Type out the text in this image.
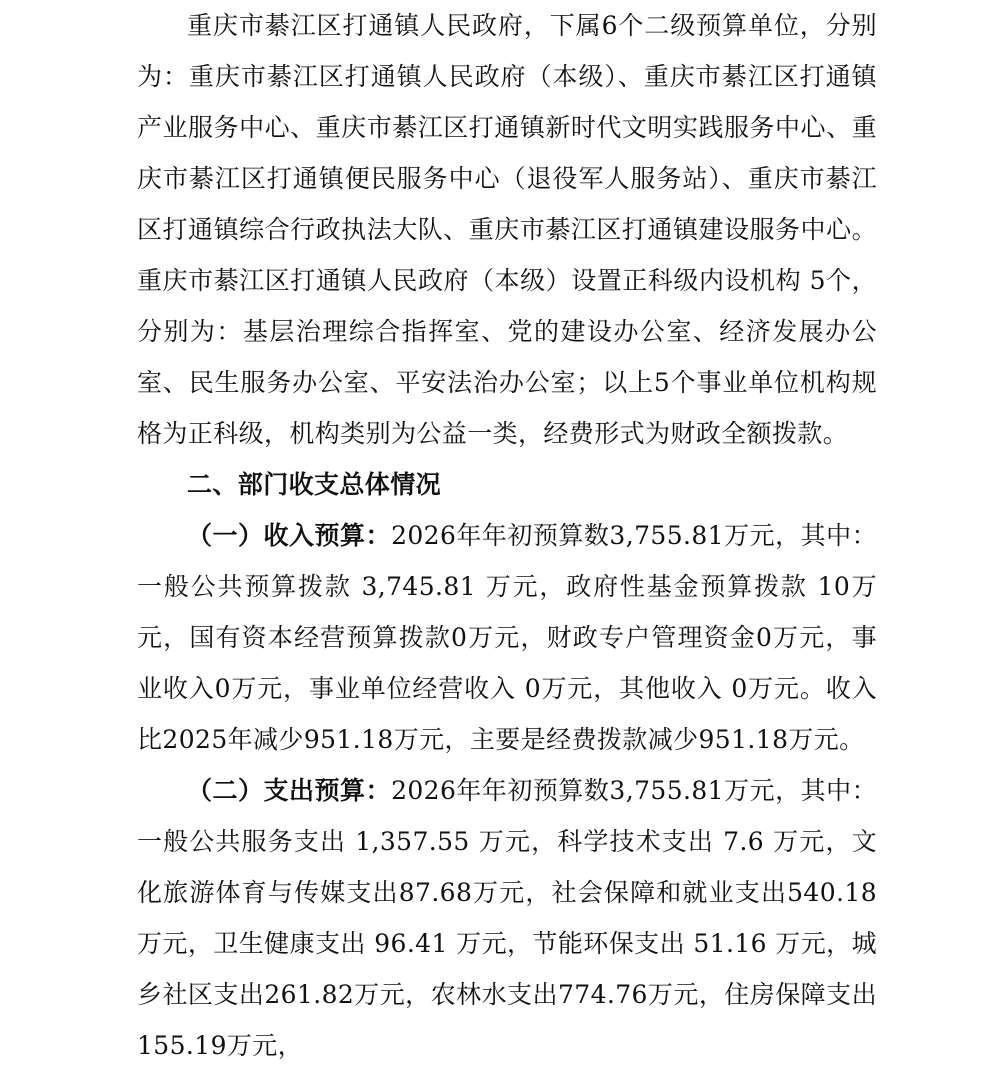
重庆市綦江区打通镇人民政府，下属6个二级预算单位，分别为：重庆市綦江区打通镇人民政府（本级）、重庆市綦江区打通镇产业服务中心、重庆市綦江区打通镇新时代文明实践服务中心、重庆市綦江区打通镇便民服务中心（退役军人服务站）、重庆市綦江区打通镇综合行政执法大队、重庆市綦江区打通镇建设服务中心。重庆市綦江区打通镇人民政府（本级）设置正科级内设机构 5个，分别为：基层治理综合指挥室、党的建设办公室、经济发展办公室、民生服务办公室、平安法治办公室；以上5个事业单位机构规格为正科级，机构类别为公益一类，经费形式为财政全额拨款。

二、部门收支总体情况

（一）收入预算：2026年年初预算数3,755.81万元，其中：一般公共预算拨款 3,745.81 万元，政府性基金预算拨款 10万元，国有资本经营预算拨款0万元，财政专户管理资金0万元，事业收入0万元，事业单位经营收入 0万元，其他收入 0万元。收入比2025年减少951.18万元，主要是经费拨款减少951.18万元。

（二）支出预算：2026年年初预算数3,755.81万元，其中：一般公共服务支出 1,357.55 万元，科学技术支出 7.6 万元，文化旅游体育与传媒支出87.68万元，社会保障和就业支出540.18万元，卫生健康支出 96.41 万元，节能环保支出 51.16 万元，城乡社区支出261.82万元，农林水支出774.76万元，住房保障支出155.19万元，
